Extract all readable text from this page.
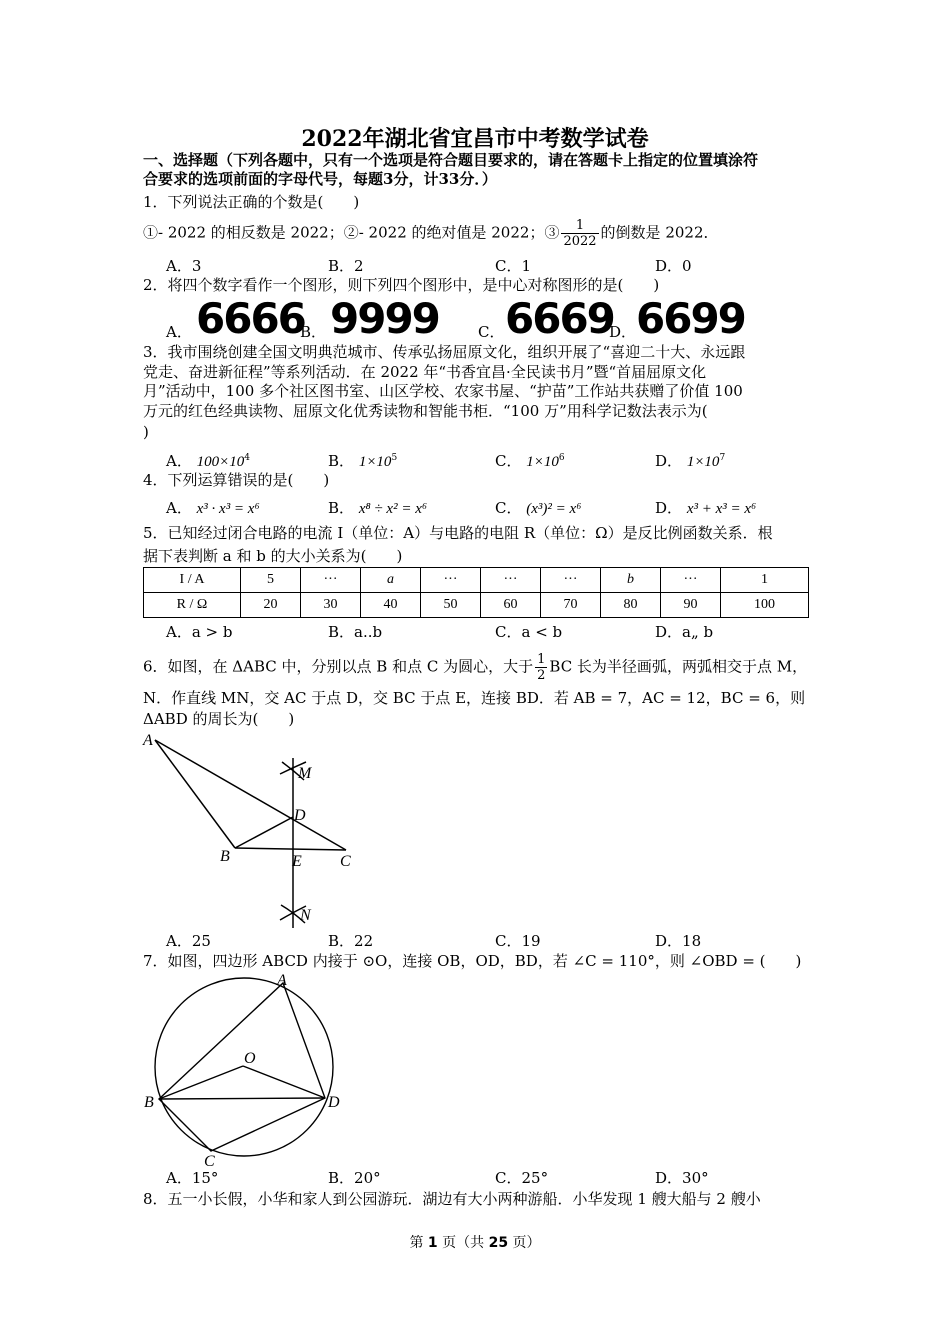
2022年湖北省宜昌市中考数学试卷
一、选择题（下列各题中，只有一个选项是符合题目要求的，请在答题卡上指定的位置填涂符
合要求的选项前面的字母代号，每题3分，计33分．）
1．下列说法正确的个数是(　　)
①- 2022 的相反数是 2022；②- 2022 的绝对值是 2022；③ $\frac{1}{2022}$ 的倒数是 2022．
A．3	B．2	C．1	D．0
2．将四个数字看作一个图形，则下列四个图形中，是中心对称图形的是(　　)
A． 6666
B． 9999	C． 6669
D． 6699
3．我市围绕创建全国文明典范城市、传承弘扬屈原文化，组织开展了“喜迎二十大、永远跟
党走、奋进新征程”等系列活动．在 2022 年“书香宜昌·全民读书月”暨“首届屈原文化
月”活动中，100 多个社区图书室、山区学校、农家书屋、“护苗”工作站共获赠了价值 100
万元的红色经典读物、屈原文化优秀读物和智能书柜．“100 万”用科学记数法表示为(
)
A． $100\times 10^4$	B． $1\times 10^5$	C． $1\times 10^6$	D． $1\times 10^7$
4．下列运算错误的是(　　)
A． x³ · x³ = x⁶	B． x⁸ ÷ x² = x⁶	C． (x³)² = x⁶	D． x³ + x³ = x⁶
5．已知经过闭合电路的电流 I（单位：A）与电路的电阻 R（单位：Ω）是反比例函数关系．根
据下表判断 a 和 b 的大小关系为(　　)
I / A	5	···	a	···	···	···	b	···	1
R / Ω	20	30	40	50	60	70	80	90	100
A．a > b	B．a..b	C．a < b	D．a„ b
6．如图，在 ΔABC 中，分别以点 B 和点 C 为圆心，大于 $\frac{1}{2}$ BC 长为半径画弧，两弧相交于点 M，
N．作直线 MN，交 AC 于点 D，交 BC 于点 E，连接 BD．若 AB = 7，AC = 12，BC = 6，则
ΔABD 的周长为(　　)
A
M
D
B	E C
N
A．25	B．22	C．19	D．18
7．如图，四边形 ABCD 内接于 ⊙O，连接 OB，OD，BD，若 ∠C = 110°，则 ∠OBD = (　　)
A
O
B	D
C
A．15°	B．20°	C．25°	D．30°
8．五一小长假，小华和家人到公园游玩．湖边有大小两种游船．小华发现 1 艘大船与 2 艘小
第 1 页（共 25 页）
